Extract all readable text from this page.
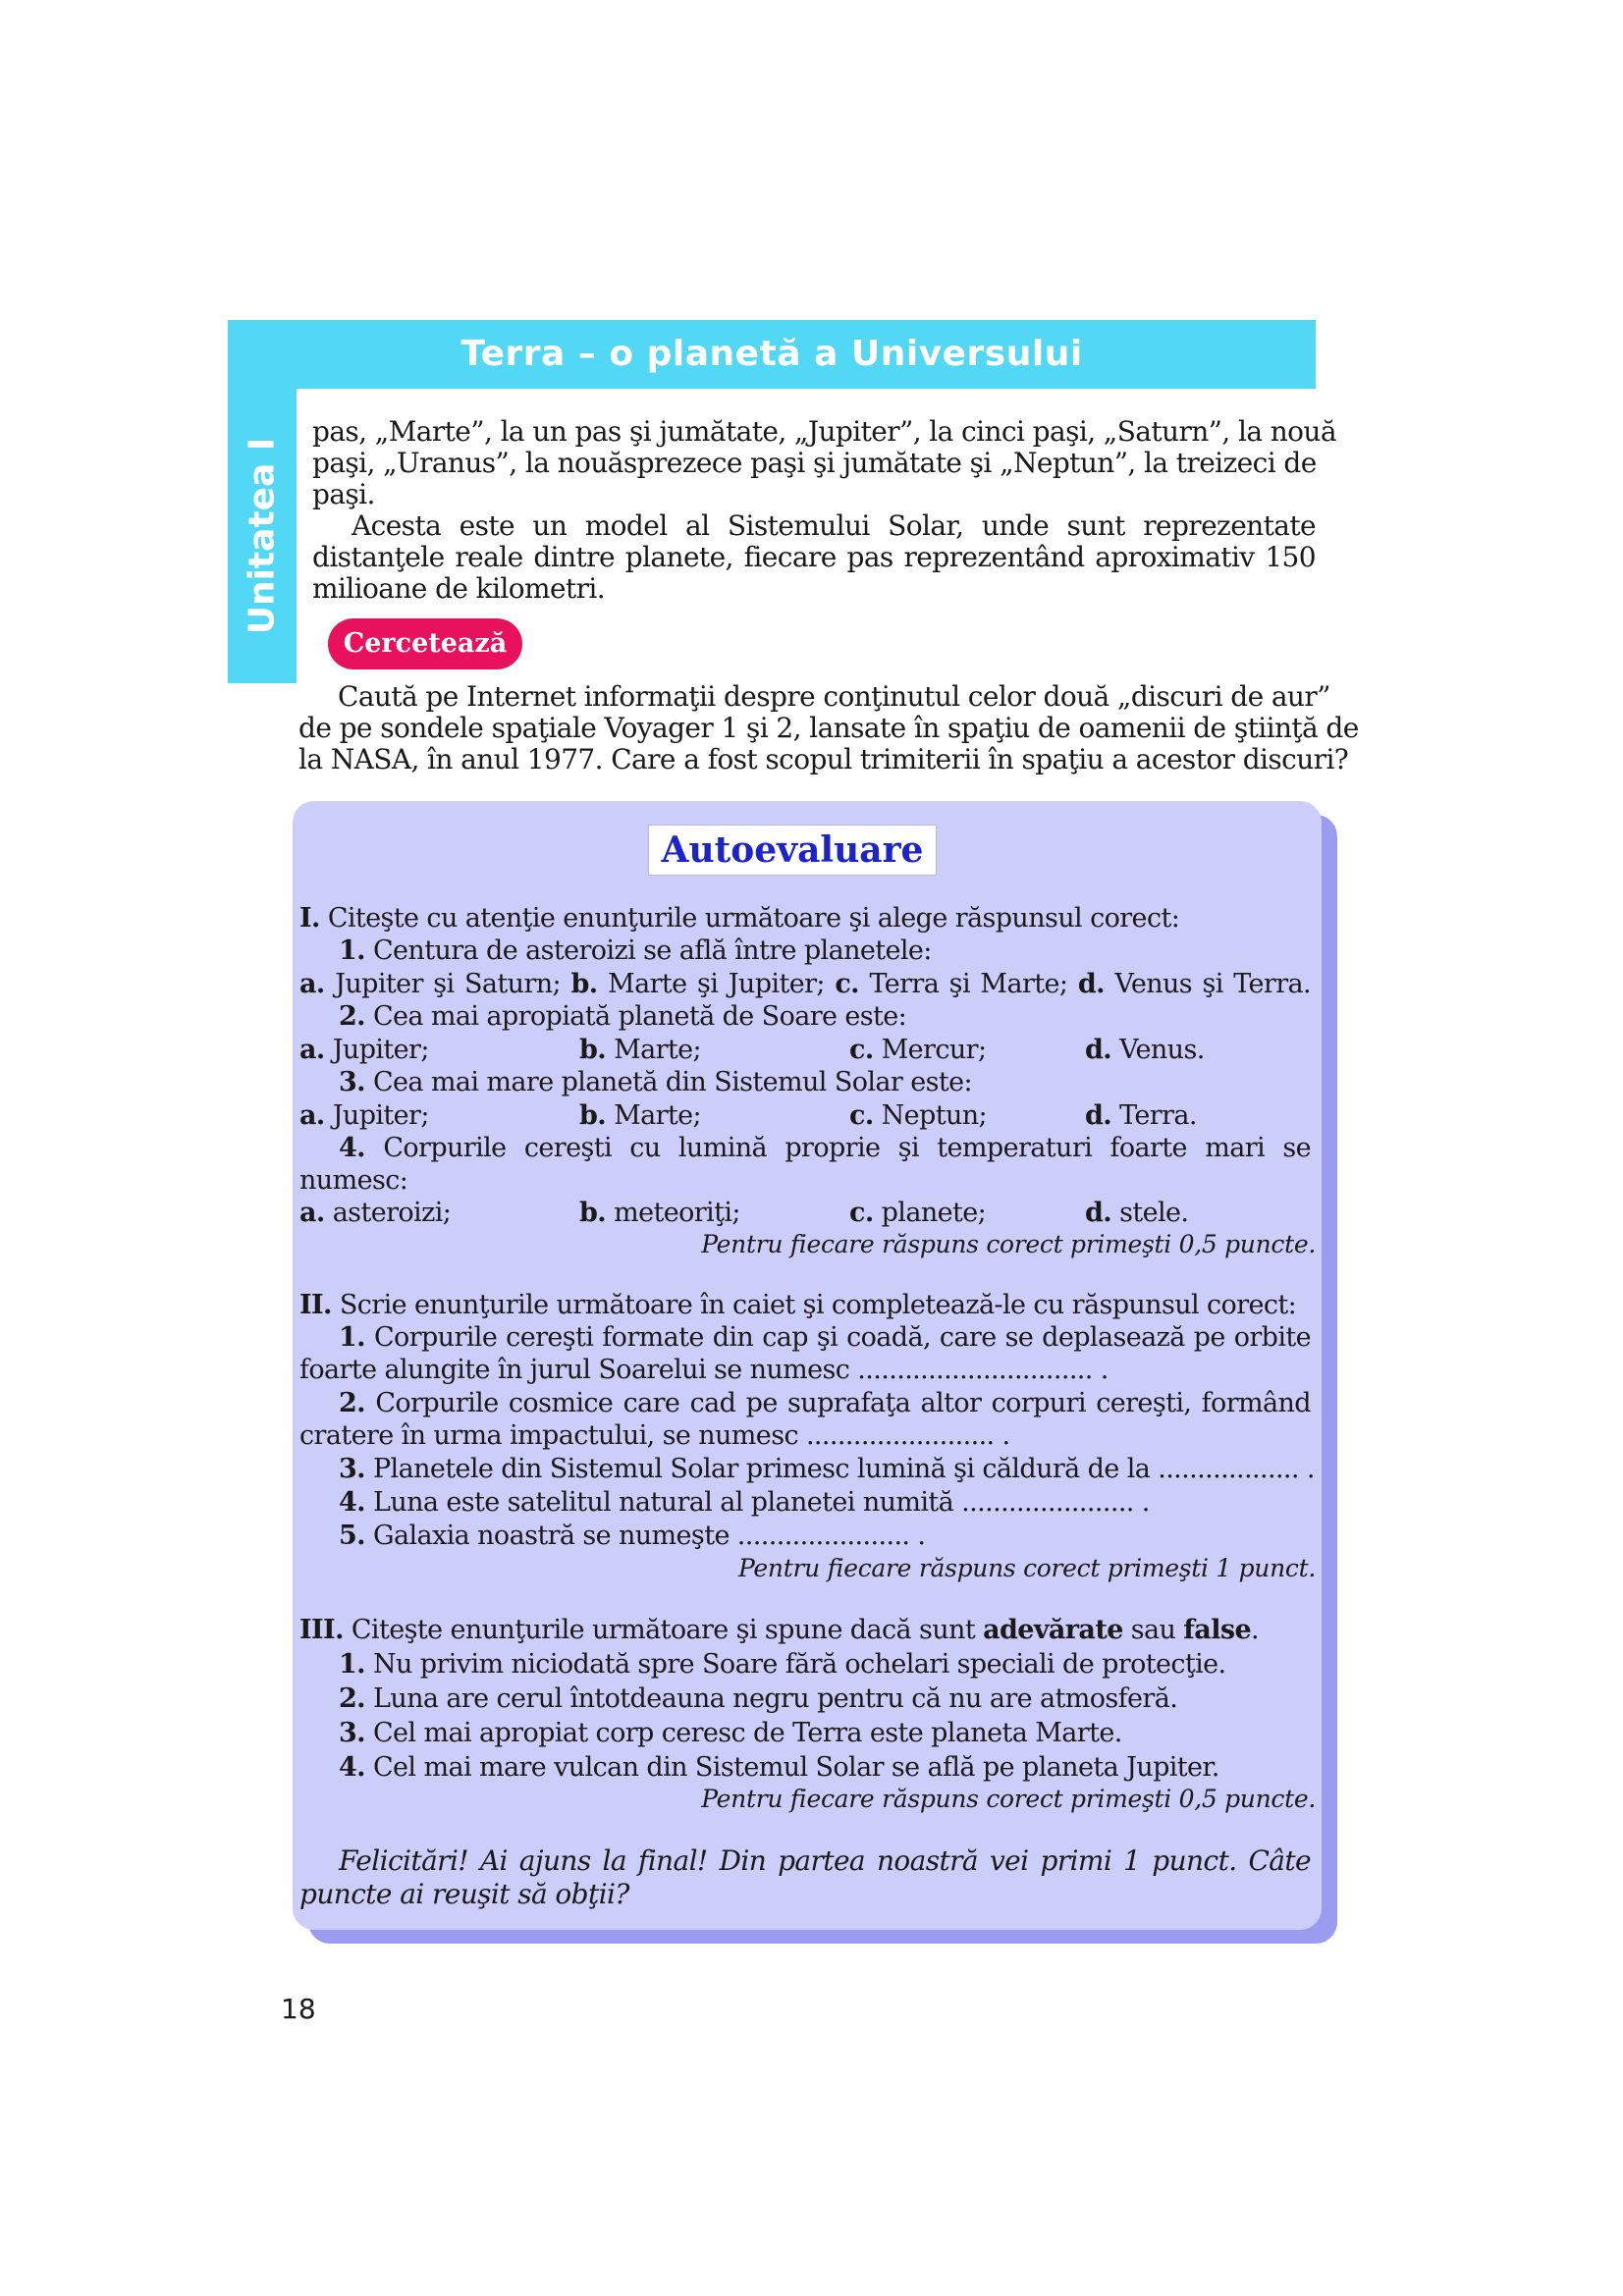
Terra – o planetă a Universului
Unitatea I
pas, „Marte”, la un pas şi jumătate, „Jupiter”, la cinci paşi, „Saturn”, la nouă
paşi, „Uranus”, la nouăsprezece paşi şi jumătate şi „Neptun”, la treizeci de
paşi.
Acesta este un model al Sistemului Solar, unde sunt reprezentate
distanţele reale dintre planete, fiecare pas reprezentând aproximativ 150
milioane de kilometri.
Cercetează
Caută pe Internet informaţii despre conţinutul celor două „discuri de aur”
de pe sondele spaţiale Voyager 1 şi 2, lansate în spaţiu de oamenii de ştiinţă de
la NASA, în anul 1977. Care a fost scopul trimiterii în spaţiu a acestor discuri?
Autoevaluare

I. Citeşte cu atenţie enunţurile următoare şi alege răspunsul corect:

1. Centura de asteroizi se află între planetele:

a. Jupiter şi Saturn; b. Marte şi Jupiter; c. Terra şi Marte; d. Venus şi Terra.

2. Cea mai apropiată planetă de Soare este:

a. Jupiter;	b. Marte;	c. Mercur;	d. Venus.

3. Cea mai mare planetă din Sistemul Solar este:

a. Jupiter;	b. Marte;	c. Neptun;	d. Terra.
4. Corpurile cereşti cu lumină proprie şi temperaturi foarte mari se

numesc:

a. asteroizi;	b. meteoriţi;	c. planete;	d. stele.
Pentru fiecare răspuns corect primeşti 0,5 puncte.

II. Scrie enunţurile următoare în caiet şi completează-le cu răspunsul corect:

1. Corpurile cereşti formate din cap şi coadă, care se deplasează pe orbite

foarte alungite în jurul Soarelui se numesc .............................. .

2. Corpurile cosmice care cad pe suprafaţa altor corpuri cereşti, formând

cratere în urma impactului, se numesc ........................ .

3. Planetele din Sistemul Solar primesc lumină şi căldură de la .................. .

4. Luna este satelitul natural al planetei numită ...................... .

5. Galaxia noastră se numeşte ...................... .

Pentru fiecare răspuns corect primeşti 1 punct.

III. Citeşte enunţurile următoare şi spune dacă sunt adevărate sau false.

1. Nu privim niciodată spre Soare fără ochelari speciali de protecţie.

2. Luna are cerul întotdeauna negru pentru că nu are atmosferă.

3. Cel mai apropiat corp ceresc de Terra este planeta Marte.

4. Cel mai mare vulcan din Sistemul Solar se află pe planeta Jupiter.

Pentru fiecare răspuns corect primeşti 0,5 puncte.
Felicitări! Ai ajuns la final! Din partea noastră vei primi 1 punct. Câte

puncte ai reuşit să obţii?

18
